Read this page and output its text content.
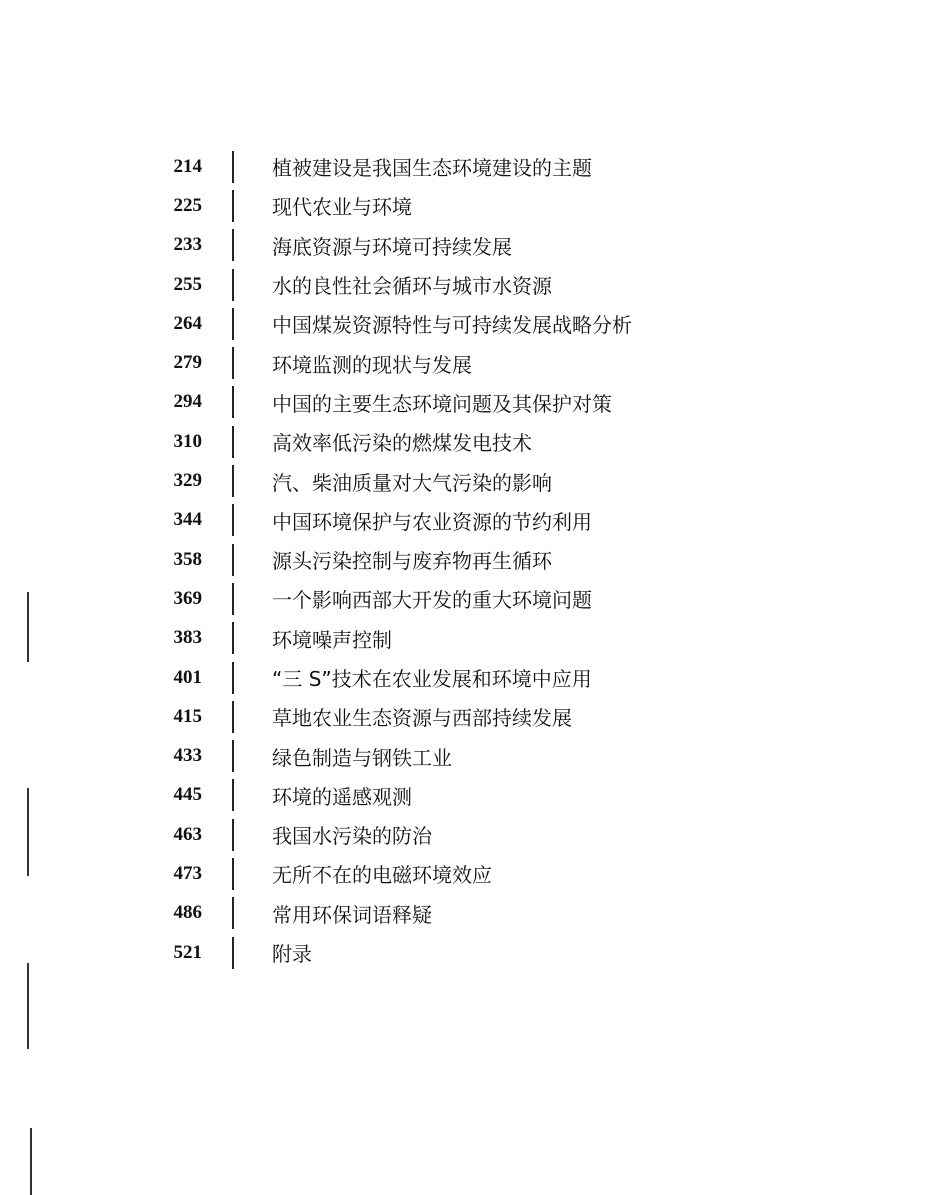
214	植被建设是我国生态环境建设的主题
225	现代农业与环境
233	海底资源与环境可持续发展
255	水的良性社会循环与城市水资源
264	中国煤炭资源特性与可持续发展战略分析
279	环境监测的现状与发展
294	中国的主要生态环境问题及其保护对策
310	高效率低污染的燃煤发电技术
329	汽、柴油质量对大气污染的影响
344	中国环境保护与农业资源的节约利用
358	源头污染控制与废弃物再生循环
369	一个影响西部大开发的重大环境问题
383	环境噪声控制
401	“三 S”技术在农业发展和环境中应用
415	草地农业生态资源与西部持续发展
433	绿色制造与钢铁工业
445	环境的遥感观测
463	我国水污染的防治
473	无所不在的电磁环境效应
486	常用环保词语释疑
521	附录
